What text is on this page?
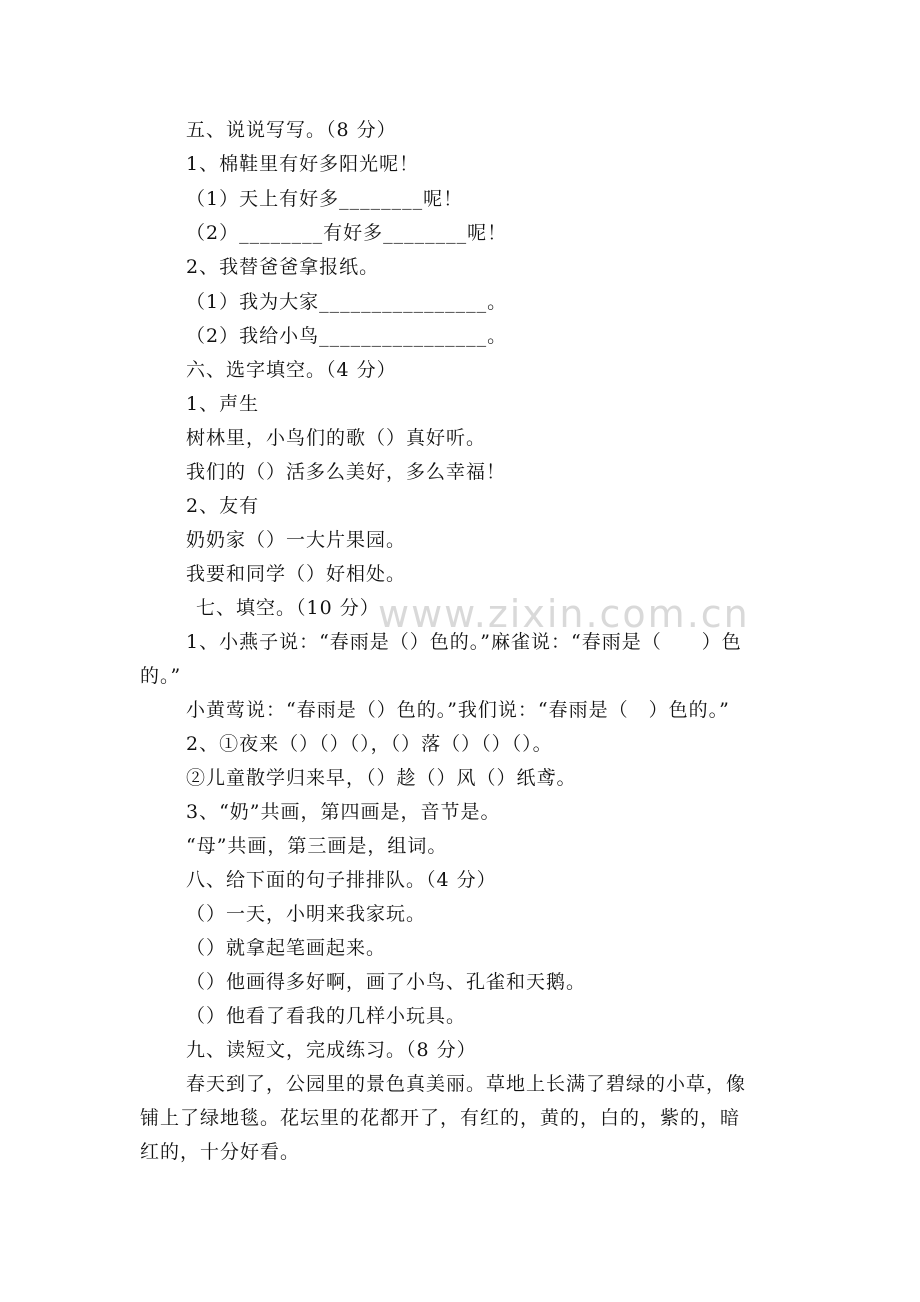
www.zixin.com.cn
五、说说写写。（8 分）
1、棉鞋里有好多阳光呢！
（1）天上有好多________呢！
（2）________有好多________呢！
2、我替爸爸拿报纸。
（1）我为大家________________。
（2）我给小鸟________________。
六、选字填空。（4 分）
1、声生
树林里，小鸟们的歌（）真好听。
我们的（）活多么美好，多么幸福！
2、友有
奶奶家（）一大片果园。
我要和同学（）好相处。
七、填空。（10 分）
1、小燕子说：“春雨是（）色的。”麻雀说：“春雨是（　　）色
的。”
小黄莺说：“春雨是（）色的。”我们说：“春雨是（　）色的。”
2、①夜来（）（）（），（）落（）（）（）。
②儿童散学归来早，（）趁（）风（）纸鸢。
3、“奶”共画，第四画是，音节是。
“母”共画，第三画是，组词。
八、给下面的句子排排队。（4 分）
（）一天，小明来我家玩。
（）就拿起笔画起来。
（）他画得多好啊，画了小鸟、孔雀和天鹅。
（）他看了看我的几样小玩具。
九、读短文，完成练习。（8 分）
春天到了，公园里的景色真美丽。草地上长满了碧绿的小草，像
铺上了绿地毯。花坛里的花都开了，有红的，黄的，白的，紫的，暗
红的，十分好看。
